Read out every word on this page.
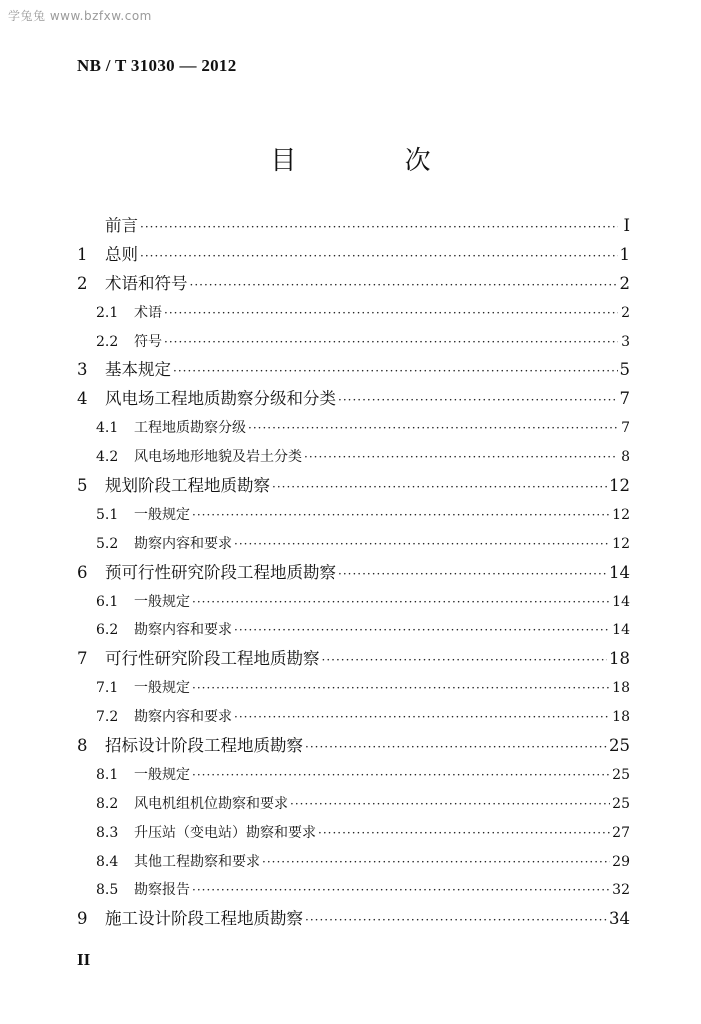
学兔兔 www.bzfxw.com
NB / T 31030 — 2012
目 次
前言 ·····	I
1	总则 ·····	1
2	术语和符号 ·····	2
2.1	术语 ·····	2
2.2	符号 ·····	3
3	基本规定 ·····	5
4	风电场工程地质勘察分级和分类 ·····	7
4.1	工程地质勘察分级 ·····	7
4.2	风电场地形地貌及岩土分类 ·····	8
5	规划阶段工程地质勘察 ·····	12
5.1	一般规定 ·····	12
5.2	勘察内容和要求 ·····	12
6	预可行性研究阶段工程地质勘察 ·····	14
6.1	一般规定 ·····	14
6.2	勘察内容和要求 ·····	14
7	可行性研究阶段工程地质勘察 ·····	18
7.1	一般规定 ·····	18
7.2	勘察内容和要求 ·····	18
8	招标设计阶段工程地质勘察 ·····	25
8.1	一般规定 ·····	25
8.2	风电机组机位勘察和要求 ·····	25
8.3	升压站（变电站）勘察和要求 ·····	27
8.4	其他工程勘察和要求 ·····	29
8.5	勘察报告 ·····	32
9	施工设计阶段工程地质勘察 ·····	34
II
